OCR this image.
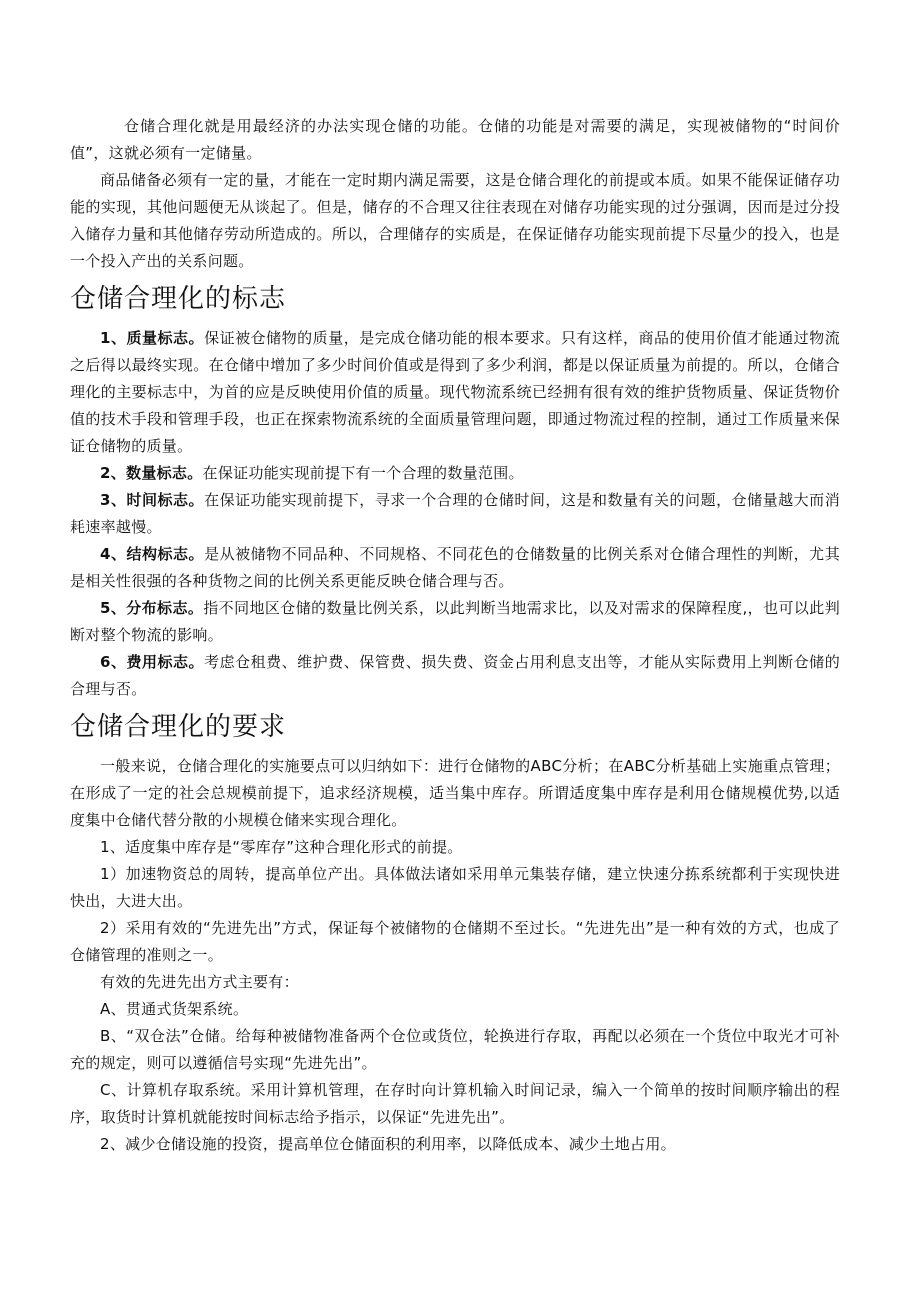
仓储合理化就是用最经济的办法实现仓储的功能。仓储的功能是对需要的满足，实现被储物的“时间价值”，这就必须有一定储量。

商品储备必须有一定的量，才能在一定时期内满足需要，这是仓储合理化的前提或本质。如果不能保证储存功能的实现，其他问题便无从谈起了。但是，储存的不合理又往往表现在对储存功能实现的过分强调，因而是过分投入储存力量和其他储存劳动所造成的。所以，合理储存的实质是，在保证储存功能实现前提下尽量少的投入，也是一个投入产出的关系问题。

仓储合理化的标志

1、质量标志。保证被仓储物的质量，是完成仓储功能的根本要求。只有这样，商品的使用价值才能通过物流之后得以最终实现。在仓储中增加了多少时间价值或是得到了多少利润，都是以保证质量为前提的。所以，仓储合理化的主要标志中，为首的应是反映使用价值的质量。现代物流系统已经拥有很有效的维护货物质量、保证货物价值的技术手段和管理手段，也正在探索物流系统的全面质量管理问题，即通过物流过程的控制，通过工作质量来保证仓储物的质量。

2、数量标志。在保证功能实现前提下有一个合理的数量范围。

3、时间标志。在保证功能实现前提下，寻求一个合理的仓储时间，这是和数量有关的问题，仓储量越大而消耗速率越慢。

4、结构标志。是从被储物不同品种、不同规格、不同花色的仓储数量的比例关系对仓储合理性的判断，尤其是相关性很强的各种货物之间的比例关系更能反映仓储合理与否。

5、分布标志。指不同地区仓储的数量比例关系，以此判断当地需求比，以及对需求的保障程度,，也可以此判断对整个物流的影响。

6、费用标志。考虑仓租费、维护费、保管费、损失费、资金占用利息支出等，才能从实际费用上判断仓储的合理与否。

仓储合理化的要求

一般来说，仓储合理化的实施要点可以归纳如下：进行仓储物的ABC分析；在ABC分析基础上实施重点管理；在形成了一定的社会总规模前提下，追求经济规模，适当集中库存。所谓适度集中库存是利用仓储规模优势,以适度集中仓储代替分散的小规模仓储来实现合理化。

1、适度集中库存是“零库存”这种合理化形式的前提。

1）加速物资总的周转，提高单位产出。具体做法诸如采用单元集装存储，建立快速分拣系统都利于实现快进快出，大进大出。

2）采用有效的“先进先出”方式，保证每个被储物的仓储期不至过长。“先进先出”是一种有效的方式，也成了仓储管理的准则之一。

有效的先进先出方式主要有：

A、贯通式货架系统。

B、“双仓法”仓储。给每种被储物准备两个仓位或货位，轮换进行存取，再配以必须在一个货位中取光才可补充的规定，则可以遵循信号实现“先进先出”。

C、计算机存取系统。采用计算机管理，在存时向计算机输入时间记录，编入一个简单的按时间顺序输出的程序，取货时计算机就能按时间标志给予指示，以保证“先进先出”。

2、减少仓储设施的投资，提高单位仓储面积的利用率，以降低成本、减少土地占用。
